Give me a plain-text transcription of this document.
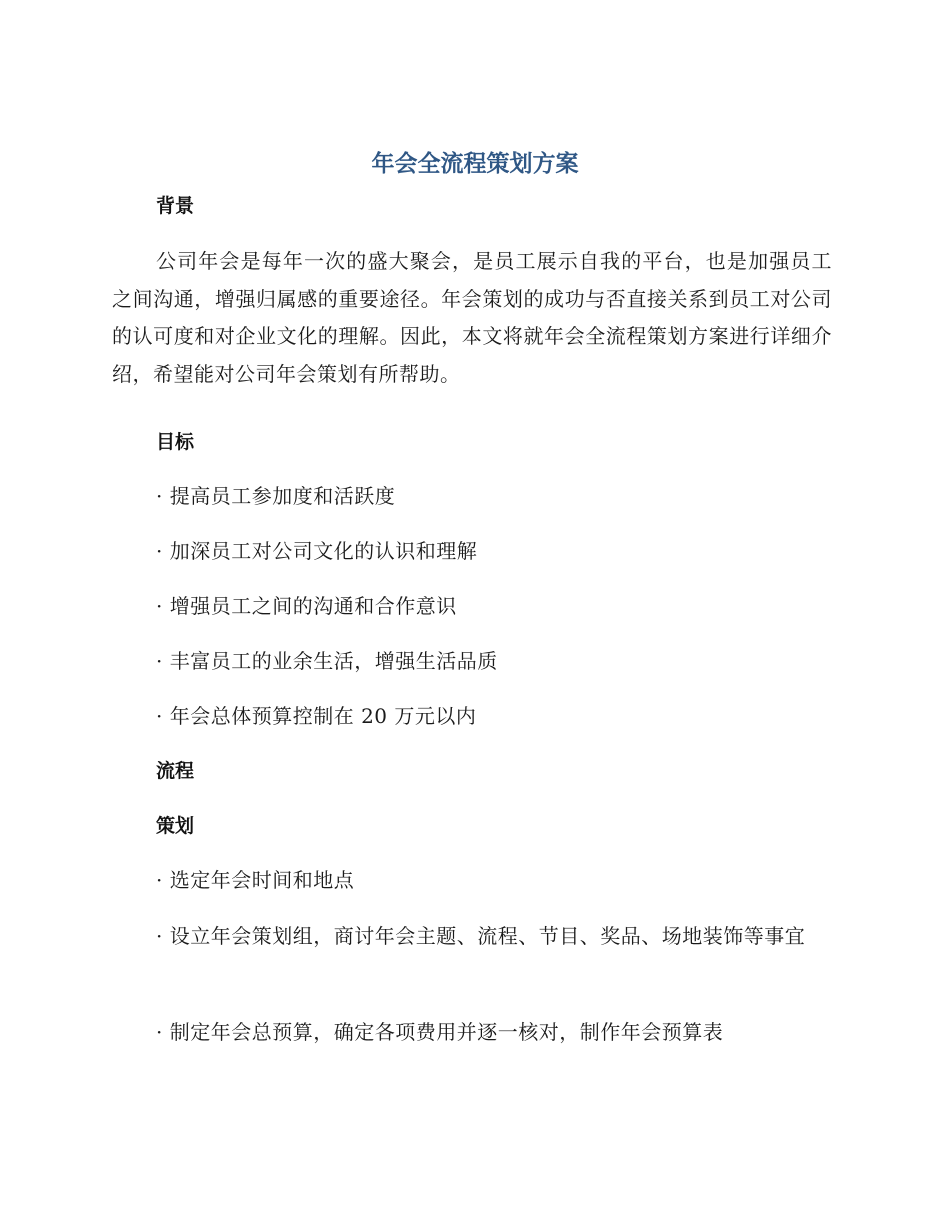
年会全流程策划方案
背景
公司年会是每年一次的盛大聚会，是员工展示自我的平台，也是加强员工之间沟通，增强归属感的重要途径。年会策划的成功与否直接关系到员工对公司的认可度和对企业文化的理解。因此，本文将就年会全流程策划方案进行详细介绍，希望能对公司年会策划有所帮助。
目标
· 提高员工参加度和活跃度
· 加深员工对公司文化的认识和理解
· 增强员工之间的沟通和合作意识
· 丰富员工的业余生活，增强生活品质
· 年会总体预算控制在 20 万元以内
流程
策划
· 选定年会时间和地点
· 设立年会策划组，商讨年会主题、流程、节目、奖品、场地装饰等事宜
· 制定年会总预算，确定各项费用并逐一核对，制作年会预算表
